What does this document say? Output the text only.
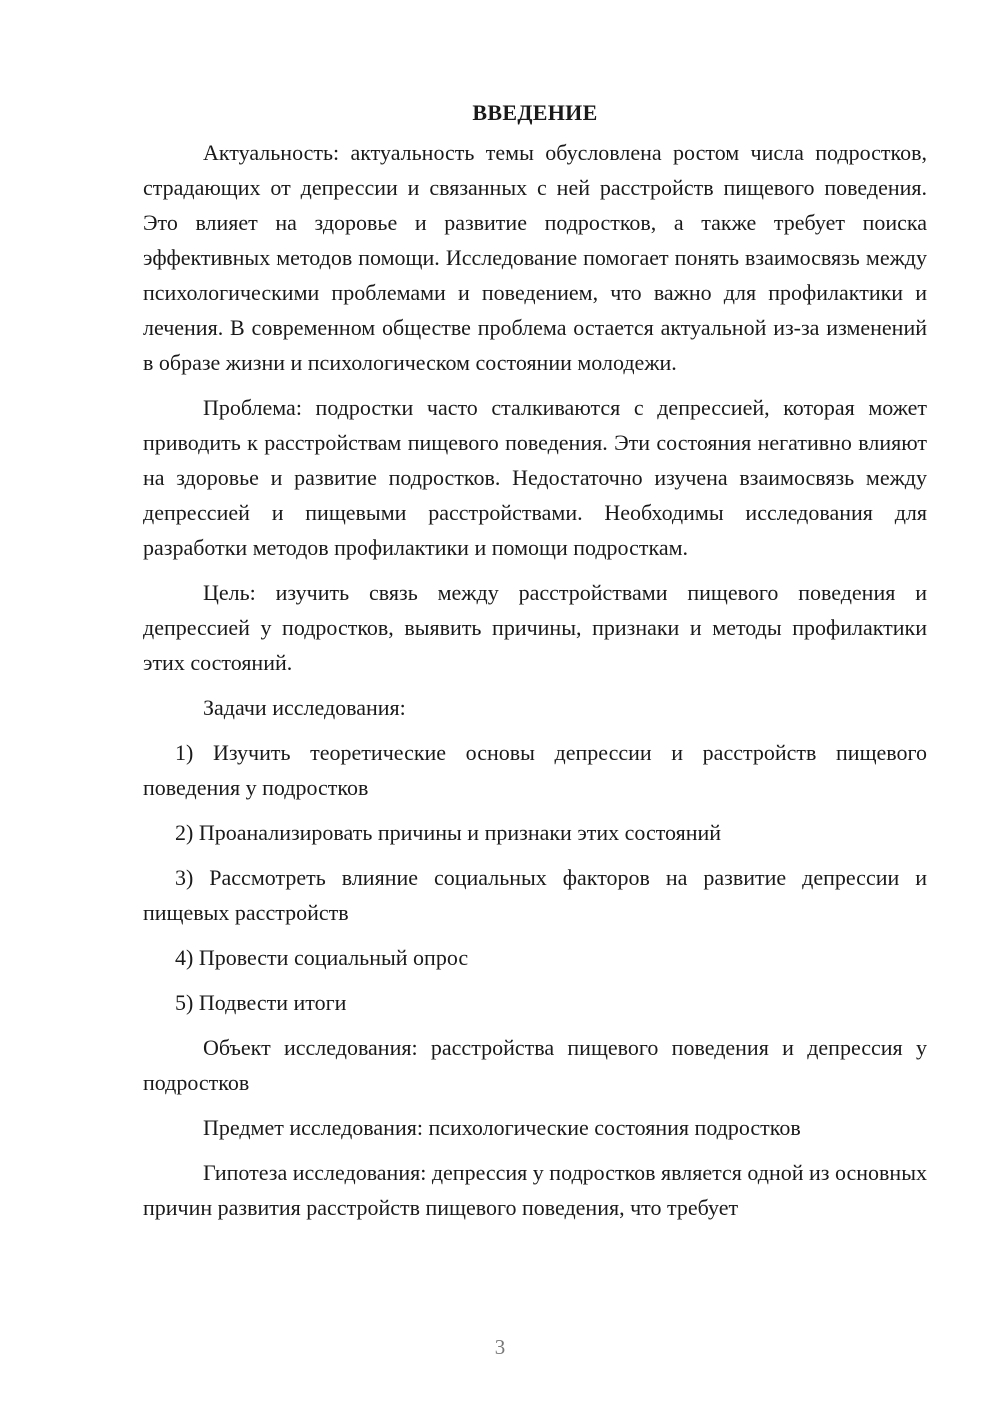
ВВЕДЕНИЕ

Актуальность: актуальность темы обусловлена ростом числа подростков, страдающих от депрессии и связанных с ней расстройств пищевого поведения. Это влияет на здоровье и развитие подростков, а также требует поиска эффективных методов помощи. Исследование помогает понять взаимосвязь между психологическими проблемами и поведением, что важно для профилактики и лечения. В современном обществе проблема остается актуальной из-за изменений в образе жизни и психологическом состоянии молодежи.

Проблема: подростки часто сталкиваются с депрессией, которая может приводить к расстройствам пищевого поведения. Эти состояния негативно влияют на здоровье и развитие подростков. Недостаточно изучена взаимосвязь между депрессией и пищевыми расстройствами. Необходимы исследования для разработки методов профилактики и помощи подросткам.

Цель: изучить связь между расстройствами пищевого поведения и депрессией у подростков, выявить причины, признаки и методы профилактики этих состояний.

Задачи исследования:

1) Изучить теоретические основы депрессии и расстройств пищевого поведения у подростков

2) Проанализировать причины и признаки этих состояний

3) Рассмотреть влияние социальных факторов на развитие депрессии и пищевых расстройств

4) Провести социальный опрос

5) Подвести итоги

Объект исследования: расстройства пищевого поведения и депрессия у подростков

Предмет исследования: психологические состояния подростков

Гипотеза исследования: депрессия у подростков является одной из основных причин развития расстройств пищевого поведения, что требует

3
